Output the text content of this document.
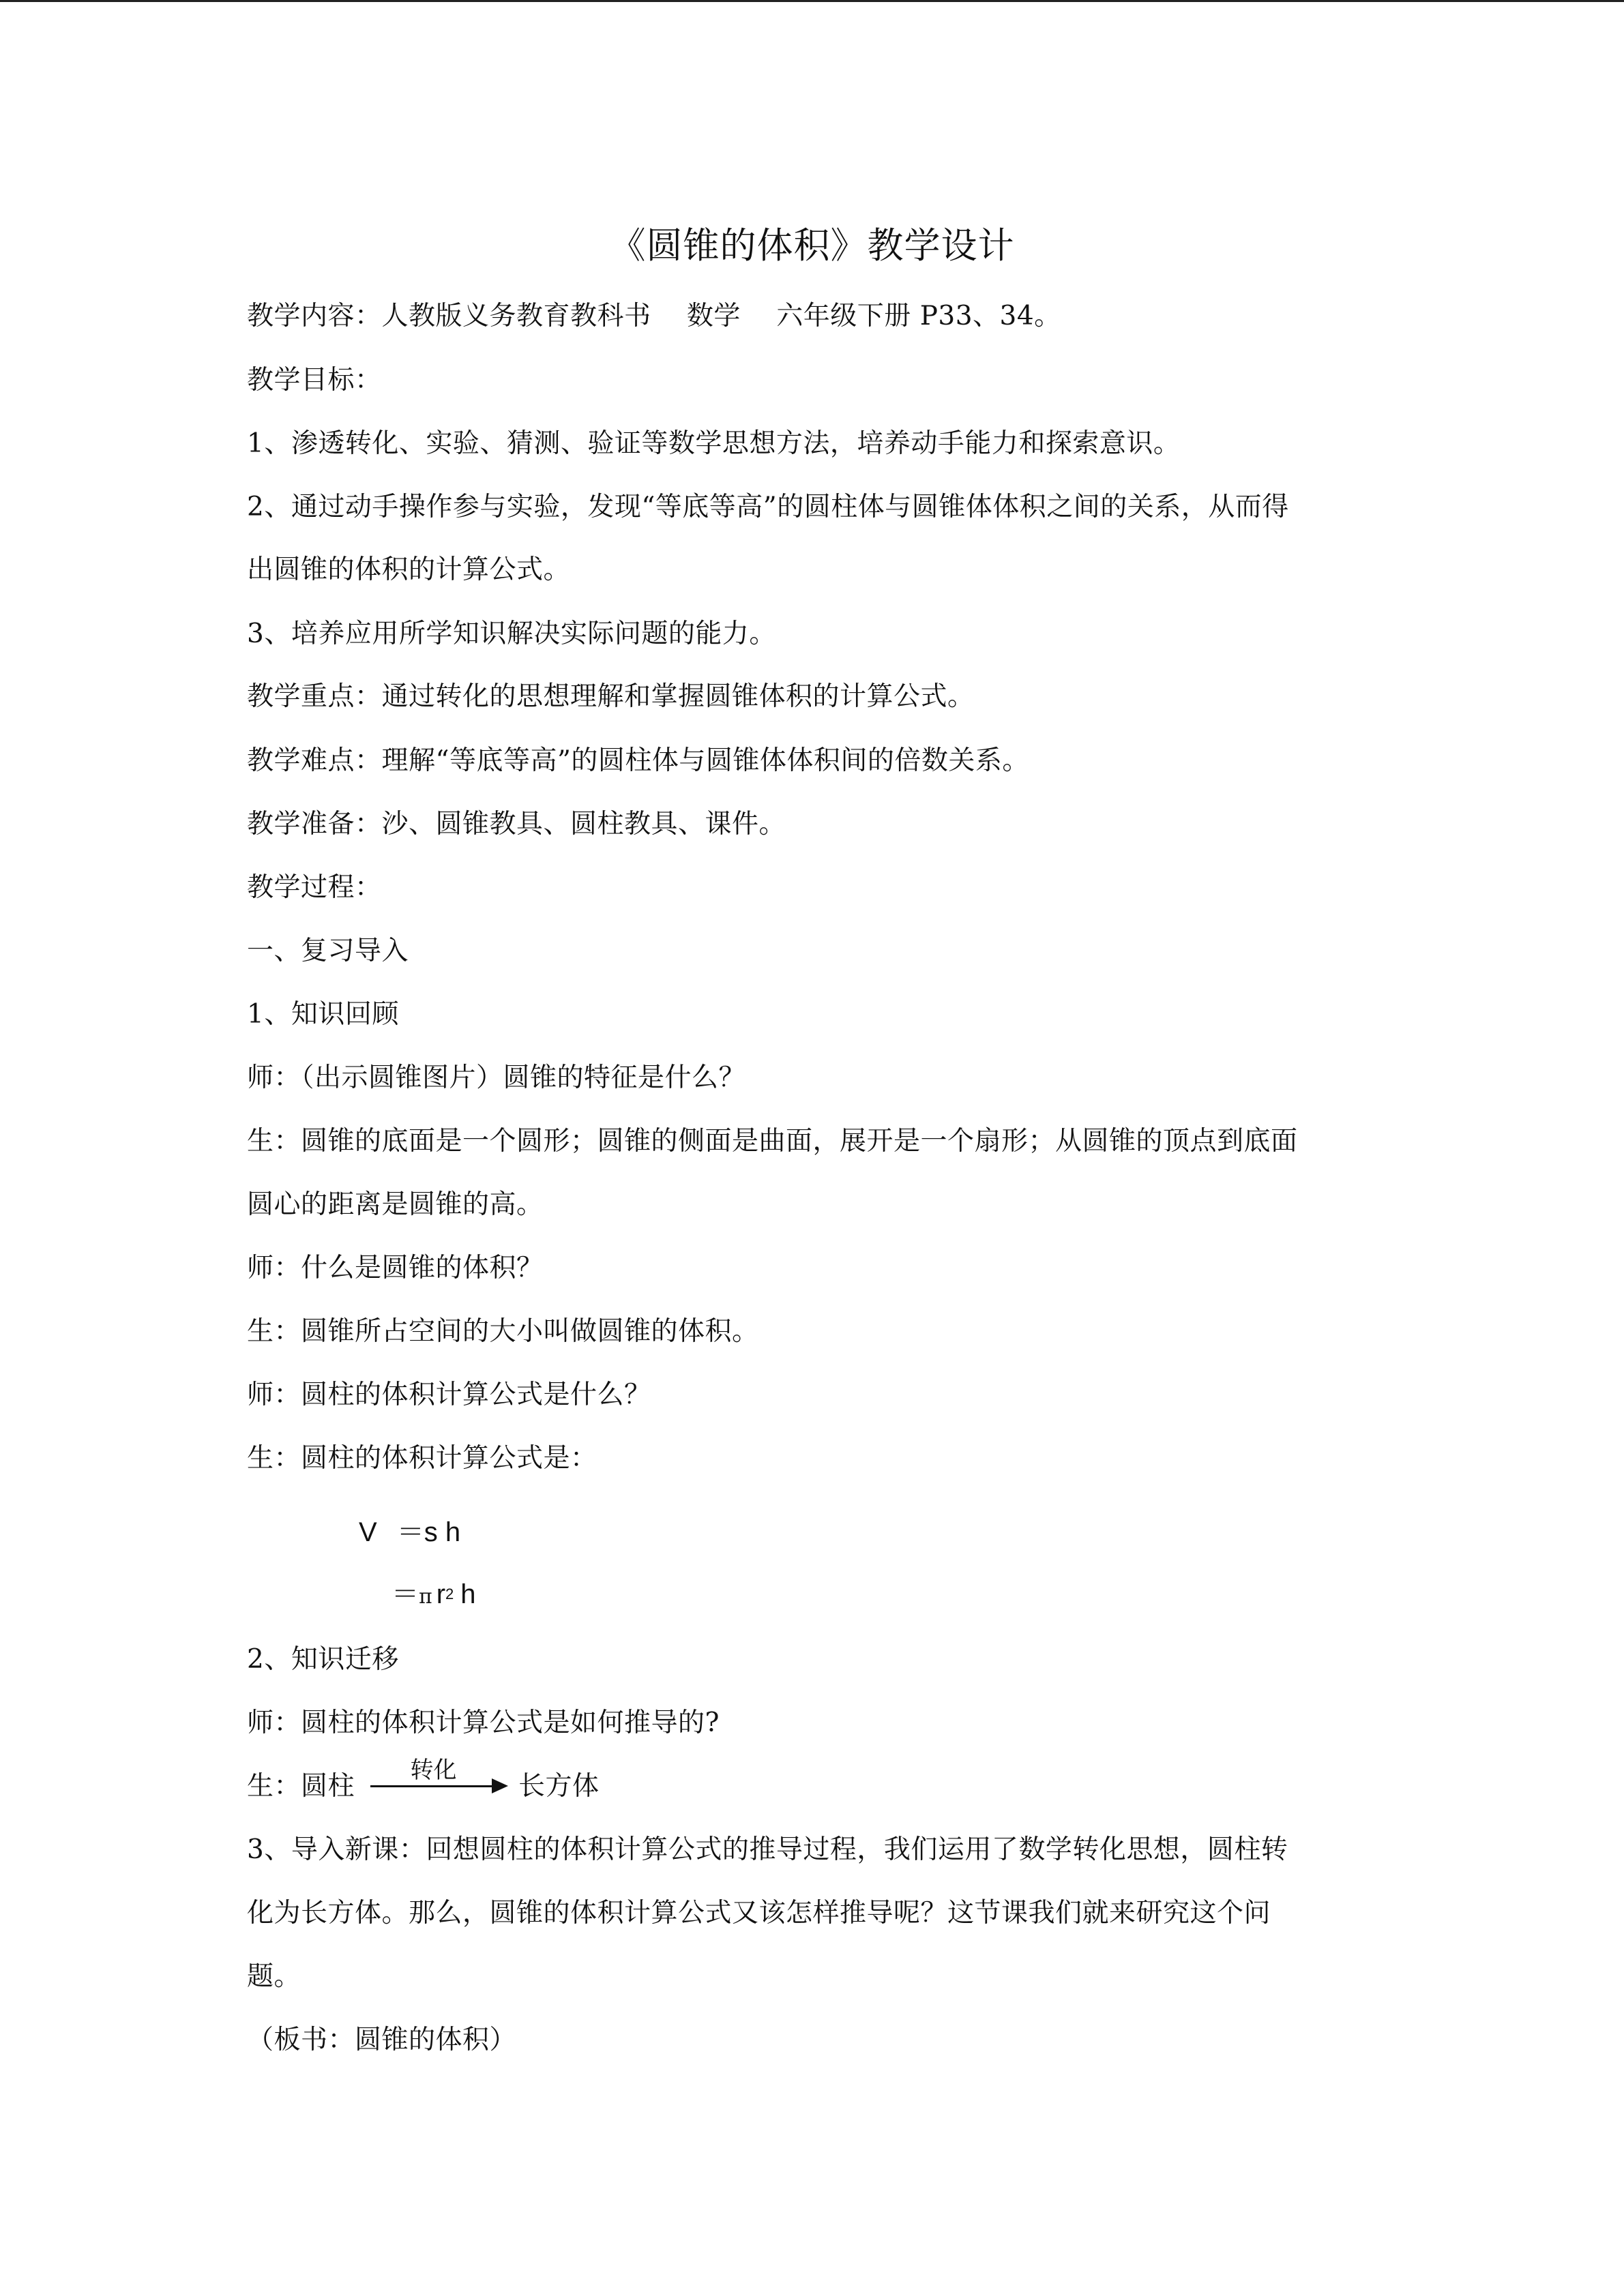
《圆锥的体积》教学设计
教学内容：人教版义务教育教科书　 数学　 六年级下册 P33、34。
教学目标：
1、渗透转化、实验、猜测、验证等数学思想方法，培养动手能力和探索意识。
2、通过动手操作参与实验，发现“等底等高”的圆柱体与圆锥体体积之间的关系，从而得
出圆锥的体积的计算公式。
3、培养应用所学知识解决实际问题的能力。
教学重点：通过转化的思想理解和掌握圆锥体积的计算公式。
教学难点：理解“等底等高”的圆柱体与圆锥体体积间的倍数关系。
教学准备：沙、圆锥教具、圆柱教具、课件。
教学过程：
一、复习导入
1、知识回顾
师：（出示圆锥图片）圆锥的特征是什么？
生：圆锥的底面是一个圆形；圆锥的侧面是曲面，展开是一个扇形；从圆锥的顶点到底面
圆心的距离是圆锥的高。
师：什么是圆锥的体积？
生：圆锥所占空间的大小叫做圆锥的体积。
师：圆柱的体积计算公式是什么？
生：圆柱的体积计算公式是：
V ＝s h
＝π $r^2$ h
2、知识迁移
师：圆柱的体积计算公式是如何推导的?
生：圆柱
转化
长方体
3、导入新课：回想圆柱的体积计算公式的推导过程，我们运用了数学转化思想，圆柱转
化为长方体。那么，圆锥的体积计算公式又该怎样推导呢？这节课我们就来研究这个问
题。
（板书：圆锥的体积）
